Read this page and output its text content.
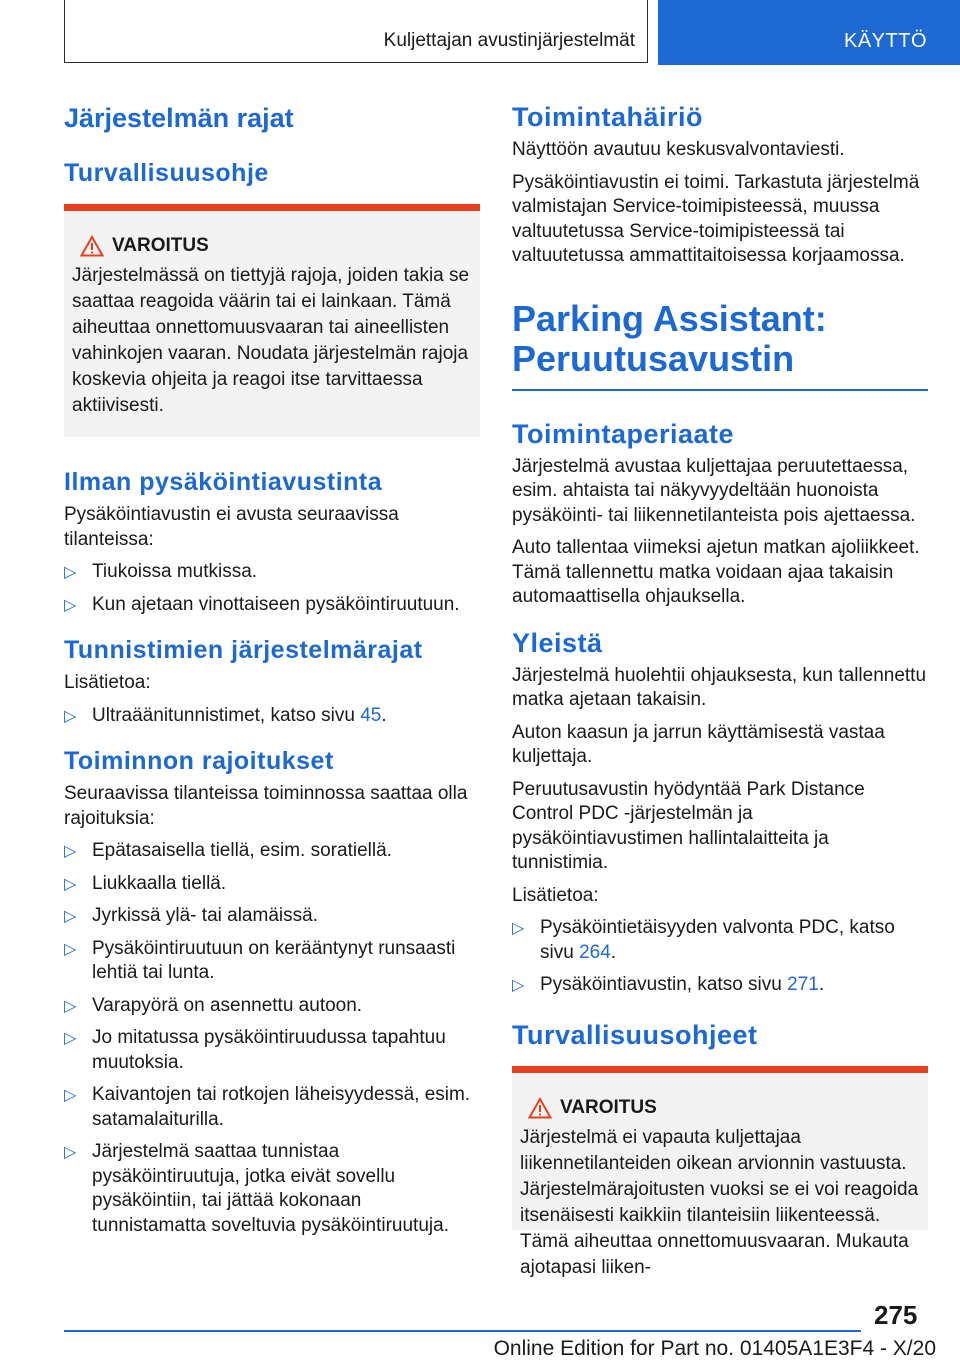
Kuljettajan avustinjärjestelmät	KÄYTTÖ
Järjestelmän rajat
Turvallisuusohje
VAROITUS

Järjestelmässä on tiettyjä rajoja, joiden takia se saattaa reagoida väärin tai ei lainkaan. Tämä aiheuttaa onnettomuusvaaran tai aineellisten vahinkojen vaaran. Noudata järjestelmän rajoja koskevia ohjeita ja reagoi itse tarvittaessa aktiivisesti.

Ilman pysäköintiavustinta

Pysäköintiavustin ei avusta seuraavissa tilanteissa:

▷ Tiukoissa mutkissa.
▷ Kun ajetaan vinottaiseen pysäköintiruutuun.
Tunnistimien järjestelmärajat

Lisätietoa:

▷ Ultraäänitunnistimet, katso sivu 45.
Toiminnon rajoitukset

Seuraavissa tilanteissa toiminnossa saattaa olla rajoituksia:

▷ Epätasaisella tiellä, esim. soratiellä.
▷ Liukkaalla tiellä.
▷ Jyrkissä ylä- tai alamäissä.
▷ Pysäköintiruutuun on kerääntynyt runsaasti lehtiä tai lunta.
▷ Varapyörä on asennettu autoon.
▷ Jo mitatussa pysäköintiruudussa tapahtuu muutoksia.
▷ Kaivantojen tai rotkojen läheisyydessä, esim. satamalaiturilla.
▷ Järjestelmä saattaa tunnistaa pysäköintiruutuja, jotka eivät sovellu pysäköintiin, tai jättää kokonaan tunnistamatta soveltuvia pysäköintiruutuja.
Toimintahäiriö

Näyttöön avautuu keskusvalvontaviesti.

Pysäköintiavustin ei toimi. Tarkastuta järjestelmä valmistajan Service-toimipisteessä, muussa valtuutetussa Service-toimipisteessä tai valtuutetussa ammattitaitoisessa korjaamossa.

Parking Assistant:
Peruutusavustin
Toimintaperiaate

Järjestelmä avustaa kuljettajaa peruutettaessa, esim. ahtaista tai näkyvyydeltään huonoista pysäköinti- tai liikennetilanteista pois ajettaessa.

Auto tallentaa viimeksi ajetun matkan ajoliikkeet. Tämä tallennettu matka voidaan ajaa takaisin automaattisella ohjauksella.

Yleistä

Järjestelmä huolehtii ohjauksesta, kun tallennettu matka ajetaan takaisin.

Auton kaasun ja jarrun käyttämisestä vastaa kuljettaja.

Peruutusavustin hyödyntää Park Distance Control PDC -järjestelmän ja pysäköintiavustimen hallintalaitteita ja tunnistimia.

Lisätietoa:

▷ Pysäköintietäisyyden valvonta PDC, katso sivu 264.
▷ Pysäköintiavustin, katso sivu 271.
Turvallisuusohjeet
VAROITUS

Järjestelmä ei vapauta kuljettajaa liikennetilanteiden oikean arvionnin vastuusta. Järjestelmärajoitusten vuoksi se ei voi reagoida itsenäisesti kaikkiin tilanteisiin liikenteessä. Tämä aiheuttaa onnettomuusvaaran. Mukauta ajotapasi liiken-

275
Online Edition for Part no. 01405A1E3F4 - X/20
